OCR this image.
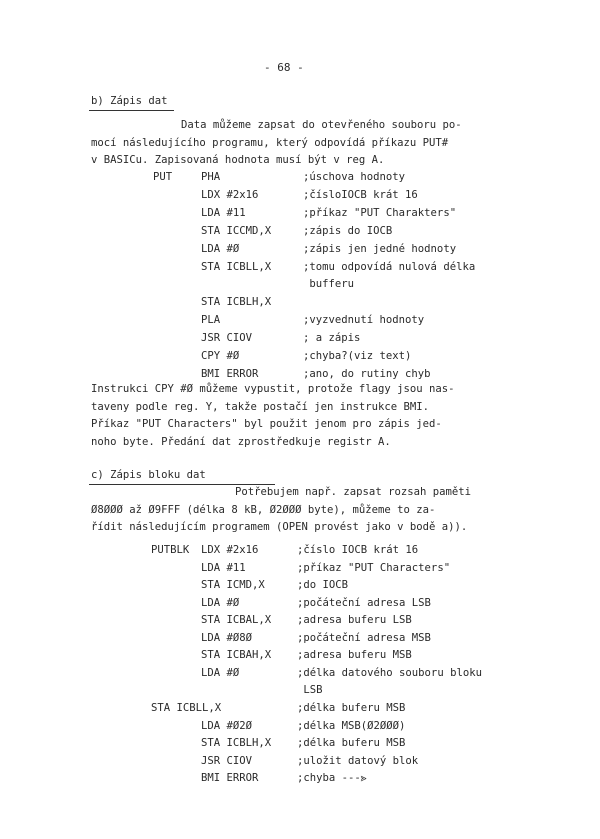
- 68 -
b) Zápis dat
Data můžeme zapsat do otevřeného souboru po-
mocí následujícího programu, který odpovídá příkazu PUT#
v BASICu. Zapisovaná hodnota musí být v reg A.
PUT	PHA	;úschova hodnoty
LDX #2x16	;čísloIOCB krát 16
LDA #11	;příkaz "PUT Charakters"
STA ICCMD,X	;zápis do IOCB
LDA #Ø	;zápis jen jedné hodnoty
STA ICBLL,X	;tomu odpovídá nulová délka
bufferu
STA ICBLH,X
PLA	;vyzvednutí hodnoty
JSR CIOV	; a zápis
CPY #Ø	;chyba?(viz text)
BMI ERROR	;ano, do rutiny chyb
Instrukci CPY #Ø můžeme vypustit, protože flagy jsou nas-
taveny podle reg. Y, takže postačí jen instrukce BMI.
Příkaz "PUT Characters" byl použit jenom pro zápis jed-
noho byte. Předání dat zprostředkuje registr A.
c) Zápis bloku dat
Potřebujem např. zapsat rozsah paměti
Ø8ØØØ až Ø9FFF (délka 8 kB, Ø2ØØØ byte), můžeme to za-
řídit následujícím programem (OPEN provést jako v bodě a)).
PUTBLK LDX #2x16	;číslo IOCB krát 16
LDA #11	;příkaz "PUT Characters"
STA ICMD,X	;do IOCB
LDA #Ø	;počáteční adresa LSB
STA ICBAL,X ;adresa buferu LSB
LDA #Ø8Ø	;počáteční adresa MSB
STA ICBAH,X ;adresa buferu MSB
LDA #Ø	;délka datového souboru bloku
LSB
STA ICBLL,X	;délka buferu MSB
LDA #Ø2Ø	;délka MSB(Ø2ØØØ)
STA ICBLH,X ;délka buferu MSB
JSR CIOV	;uložit datový blok
BMI ERROR	;chyba ---⪢
